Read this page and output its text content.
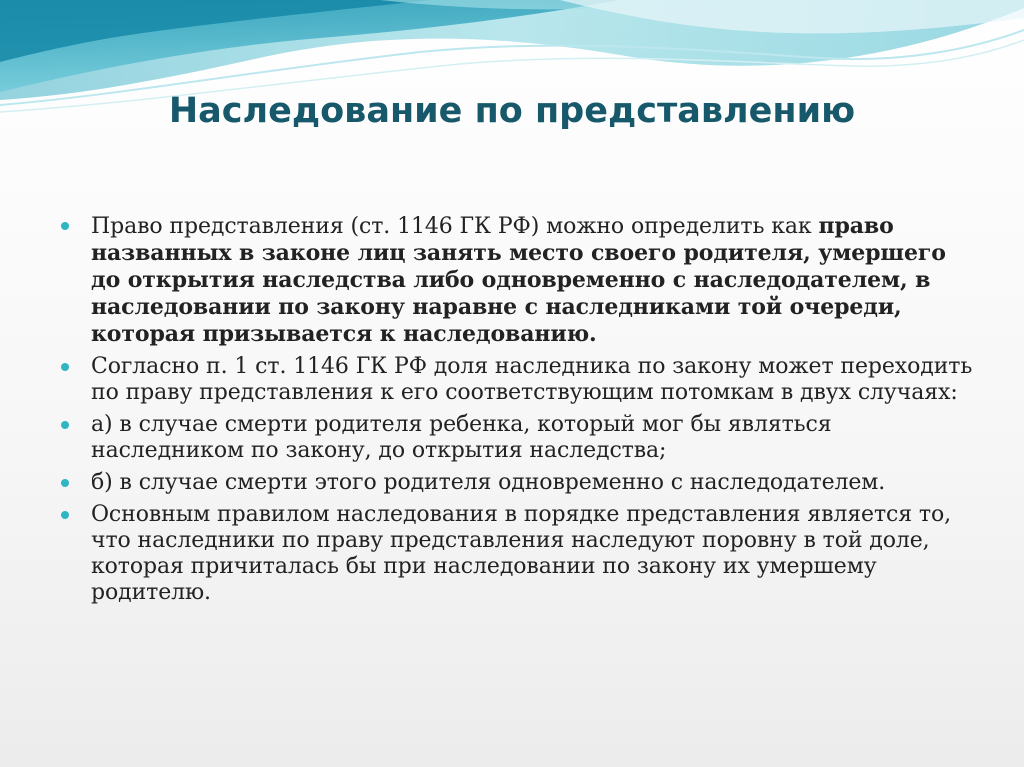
Наследование по представлению
Право представления (ст. 1146 ГК РФ) можно определить как право названных в законе лиц занять место своего родителя, умершего до открытия наследства либо одновременно с наследодателем, в наследовании по закону наравне с наследниками той очереди, которая призывается к наследованию.
Согласно п. 1 ст. 1146 ГК РФ доля наследника по закону может переходить по праву представления к его соответствующим потомкам в двух случаях:
а) в случае смерти родителя ребенка, который мог бы являться наследником по закону, до открытия наследства;
б) в случае смерти этого родителя одновременно с наследодателем.
Основным правилом наследования в порядке представления является то, что наследники по праву представления наследуют поровну в той доле, которая причиталась бы при наследовании по закону их умершему родителю.
